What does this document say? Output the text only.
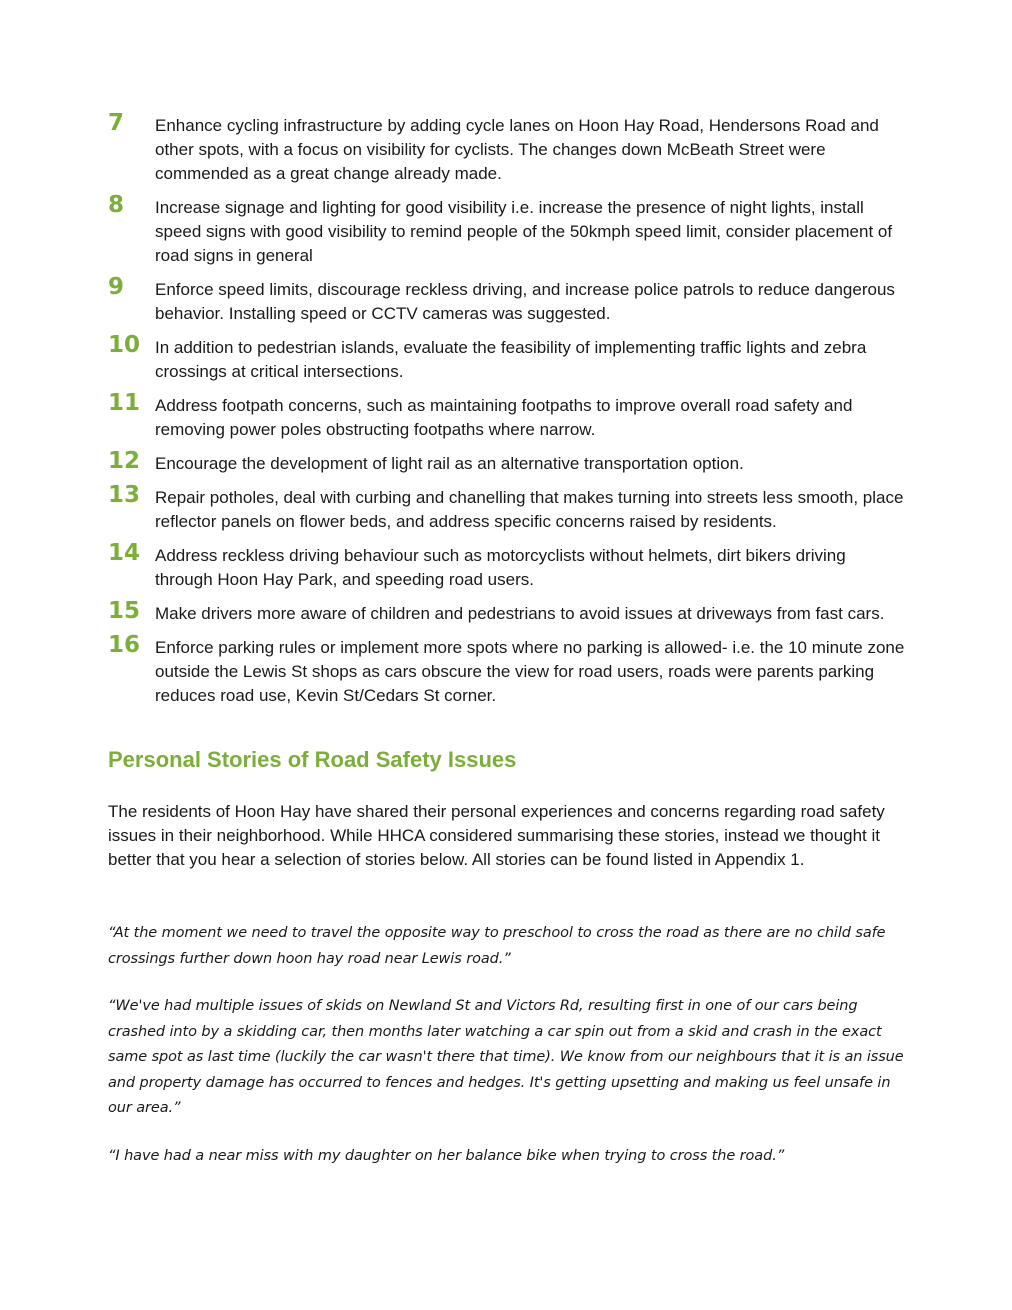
7	Enhance cycling infrastructure by adding cycle lanes on Hoon Hay Road, Hendersons Road and other spots, with a focus on visibility for cyclists. The changes down McBeath Street were commended as a great change already made.
8	Increase signage and lighting for good visibility i.e. increase the presence of night lights, install speed signs with good visibility to remind people of the 50kmph speed limit, consider placement of road signs in general
9	Enforce speed limits, discourage reckless driving, and increase police patrols to reduce dangerous behavior. Installing speed or CCTV cameras was suggested.
10 In addition to pedestrian islands, evaluate the feasibility of implementing traffic lights and zebra crossings at critical intersections.
11 Address footpath concerns, such as maintaining footpaths to improve overall road safety and removing power poles obstructing footpaths where narrow.
12 Encourage the development of light rail as an alternative transportation option.
13 Repair potholes, deal with curbing and chanelling that makes turning into streets less smooth, place reflector panels on flower beds, and address specific concerns raised by residents.
14 Address reckless driving behaviour such as motorcyclists without helmets, dirt bikers driving through Hoon Hay Park, and speeding road users.
15 Make drivers more aware of children and pedestrians to avoid issues at driveways from fast cars.
16 Enforce parking rules or implement more spots where no parking is allowed- i.e. the 10 minute zone outside the Lewis St shops as cars obscure the view for road users, roads were parents parking reduces road use, Kevin St/Cedars St corner.
Personal Stories of Road Safety Issues

The residents of Hoon Hay have shared their personal experiences and concerns regarding road safety issues in their neighborhood. While HHCA considered summarising these stories, instead we thought it better that you hear a selection of stories below. All stories can be found listed in Appendix 1.

“At the moment we need to travel the opposite way to preschool to cross the road as there are no child safe crossings further down hoon hay road near Lewis road.”

“We've had multiple issues of skids on Newland St and Victors Rd, resulting first in one of our cars being crashed into by a skidding car, then months later watching a car spin out from a skid and crash in the exact same spot as last time (luckily the car wasn't there that time). We know from our neighbours that it is an issue and property damage has occurred to fences and hedges. It's getting upsetting and making us feel unsafe in our area.”

“I have had a near miss with my daughter on her balance bike when trying to cross the road.”
